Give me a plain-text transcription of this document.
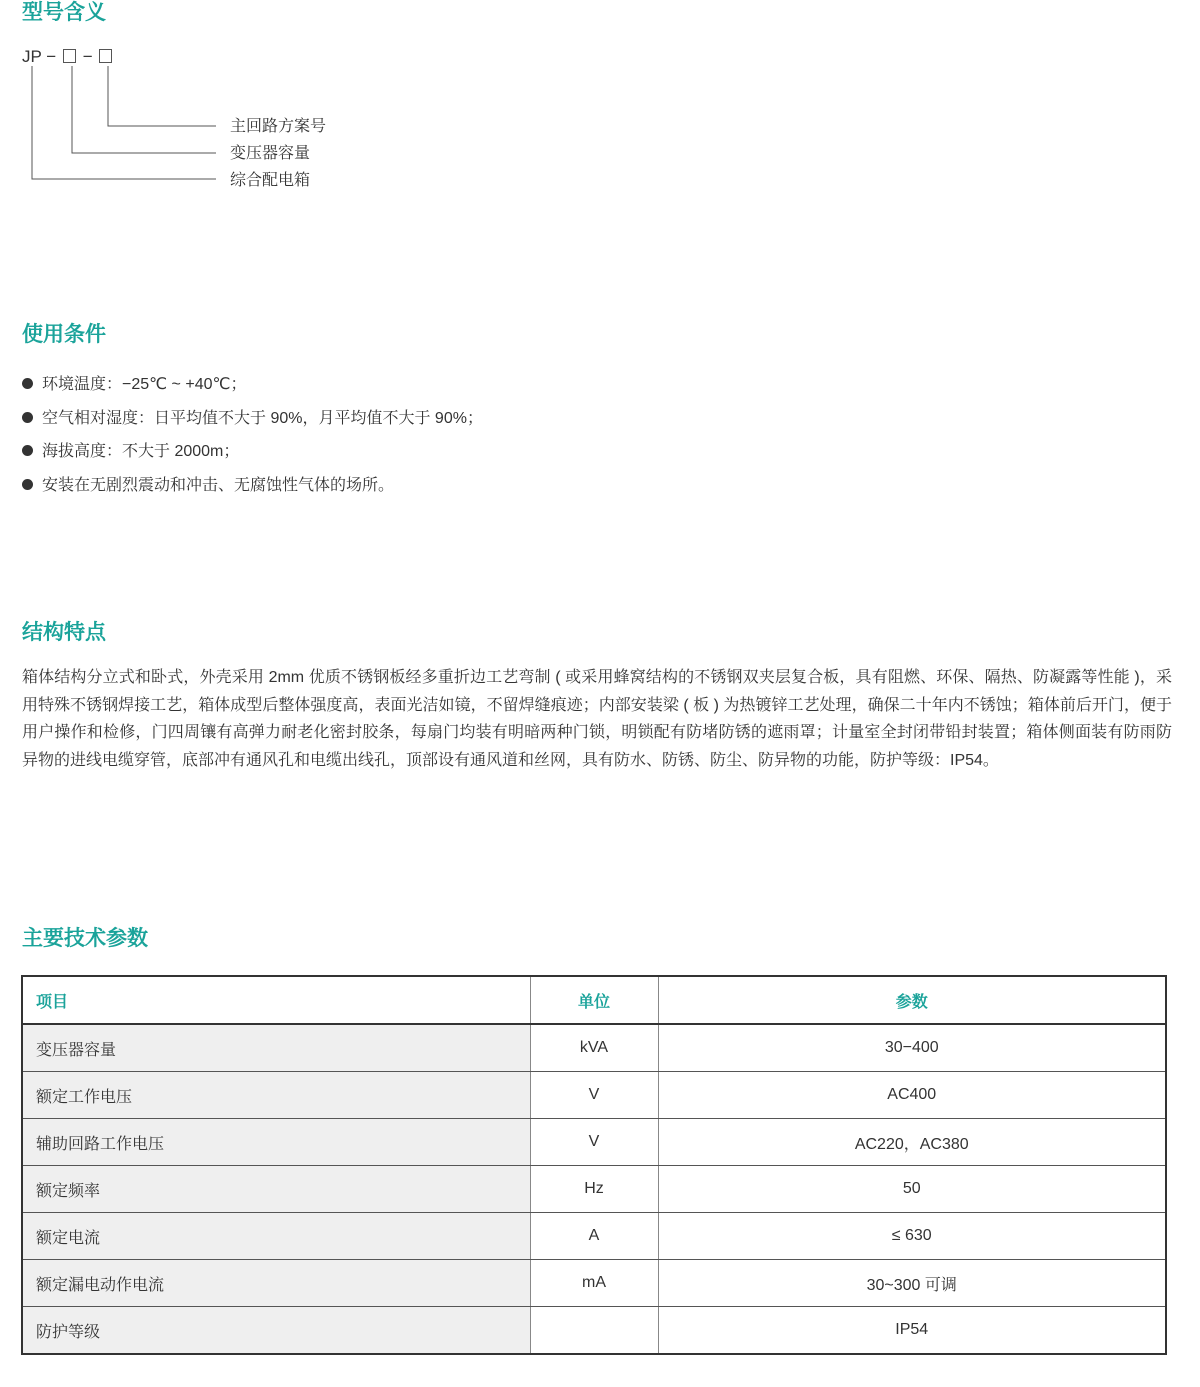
型号含义
JP − −
主回路方案号
变压器容量
综合配电箱
使用条件
环境温度：−25℃ ~ +40℃；
空气相对湿度：日平均值不大于 90%，月平均值不大于 90%；
海拔高度：不大于 2000m；
安装在无剧烈震动和冲击、无腐蚀性气体的场所。
结构特点

箱体结构分立式和卧式，外壳采用 2mm 优质不锈钢板经多重折边工艺弯制 ( 或采用蜂窝结构的不锈钢双夹层复合板，具有阻燃、环保、隔热、防凝露等性能 )，采用特殊不锈钢焊接工艺，箱体成型后整体强度高，表面光洁如镜，不留焊缝痕迹；内部安装梁 ( 板 ) 为热镀锌工艺处理，确保二十年内不锈蚀；箱体前后开门，便于用户操作和检修，门四周镶有高弹力耐老化密封胶条，每扇门均装有明暗两种门锁，明锁配有防堵防锈的遮雨罩；计量室全封闭带铅封装置；箱体侧面装有防雨防异物的进线电缆穿管，底部冲有通风孔和电缆出线孔，顶部设有通风道和丝网，具有防水、防锈、防尘、防异物的功能，防护等级：IP54。

主要技术参数
项目	单位	参数
变压器容量	kVA	30−400
额定工作电压	V	AC400
辅助回路工作电压	V	AC220，AC380
额定频率	Hz	50
额定电流	A	≤ 630
额定漏电动作电流	mA	30~300 可调
防护等级		IP54
